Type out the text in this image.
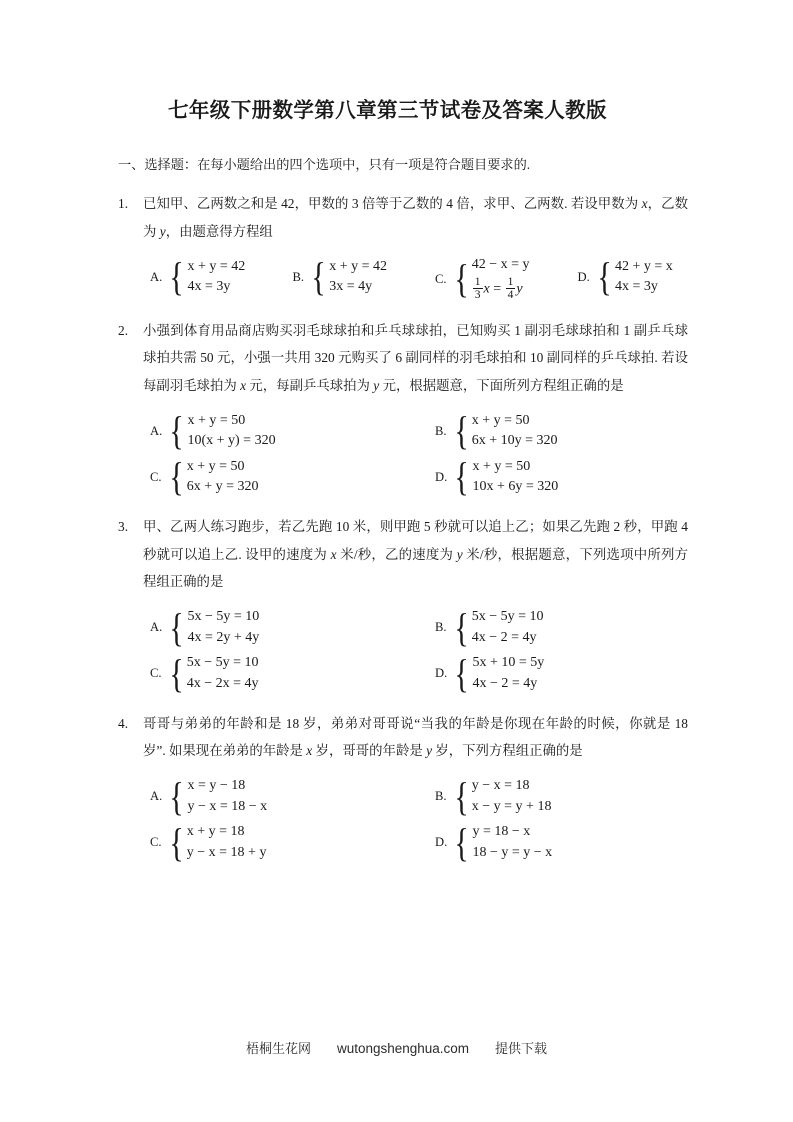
七年级下册数学第八章第三节试卷及答案人教版

一、选择题：在每小题给出的四个选项中，只有一项是符合题目要求的.

1.	已知甲、乙两数之和是 42，甲数的 3 倍等于乙数的 4 倍，求甲、乙两数. 若设甲数为 x，乙数为 y，由题意得方程组
A. { x + y = 42
4x = 3y
B. { x + y = 42
3x = 4y
C. { 42 − x = y
$\frac{1}{3}$ $x = \frac{1}{4}$ y
D. { 42 + y = x
4x = 3y
2.	小强到体育用品商店购买羽毛球球拍和乒乓球球拍，已知购买 1 副羽毛球球拍和 1 副乒乓球球拍共需 50 元，小强一共用 320 元购买了 6 副同样的羽毛球拍和 10 副同样的乒乓球拍. 若设每副羽毛球拍为 x 元，每副乒乓球拍为 y 元，根据题意，下面所列方程组正确的是
A. { x + y = 50
10(x + y) = 320
B. { x + y = 50
6x + 10y = 320
C. { x + y = 50
6x + y = 320
D. { x + y = 50
10x + 6y = 320
3.	甲、乙两人练习跑步，若乙先跑 10 米，则甲跑 5 秒就可以追上乙；如果乙先跑 2 秒，甲跑 4 秒就可以追上乙. 设甲的速度为 x 米/秒，乙的速度为 y 米/秒，根据题意，下列选项中所列方程组正确的是
A. { 5x − 5y = 10
4x = 2y + 4y
B. { 5x − 5y = 10
4x − 2 = 4y
C. { 5x − 5y = 10
4x − 2x = 4y
D. { 5x + 10 = 5y
4x − 2 = 4y
4.	哥哥与弟弟的年龄和是 18 岁，弟弟对哥哥说“当我的年龄是你现在年龄的时候，你就是 18 岁”. 如果现在弟弟的年龄是 x 岁，哥哥的年龄是 y 岁，下列方程组正确的是
A. { x = y − 18
y − x = 18 − x
B. { y − x = 18
x − y = y + 18
C. { x + y = 18
y − x = 18 + y
D. { y = 18 − x
18 − y = y − x
梧桐生花网 wutongshenghua.com 提供下载
